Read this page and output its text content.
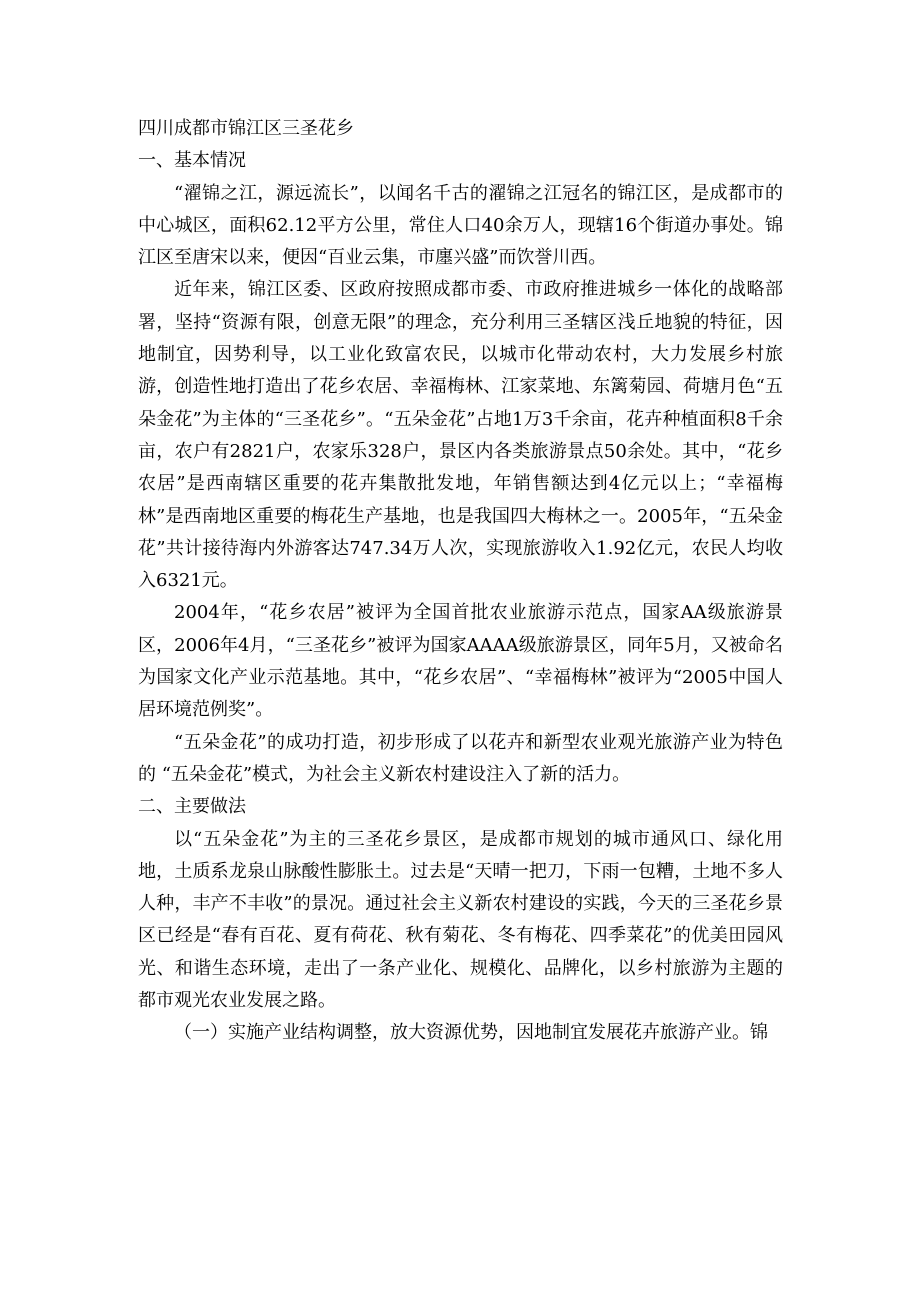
四川成都市锦江区三圣花乡
一、基本情况

“濯锦之江，源远流长”，以闻名千古的濯锦之江冠名的锦江区，是成都市的中心城区，面积62.12平方公里，常住人口40余万人，现辖16个街道办事处。锦江区至唐宋以来，便因“百业云集，市廛兴盛”而饮誉川西。

近年来，锦江区委、区政府按照成都市委、市政府推进城乡一体化的战略部署，坚持“资源有限，创意无限”的理念，充分利用三圣辖区浅丘地貌的特征，因地制宜，因势利导，以工业化致富农民，以城市化带动农村，大力发展乡村旅游，创造性地打造出了花乡农居、幸福梅林、江家菜地、东篱菊园、荷塘月色“五朵金花”为主体的“三圣花乡”。“五朵金花”占地1万3千余亩，花卉种植面积8千余亩，农户有2821户，农家乐328户，景区内各类旅游景点50余处。其中，“花乡农居”是西南辖区重要的花卉集散批发地，年销售额达到4亿元以上；“幸福梅林”是西南地区重要的梅花生产基地，也是我国四大梅林之一。2005年，“五朵金花”共计接待海内外游客达747.34万人次，实现旅游收入1.92亿元，农民人均收入6321元。

2004年，“花乡农居”被评为全国首批农业旅游示范点，国家AA级旅游景区，2006年4月，“三圣花乡”被评为国家AAAA级旅游景区，同年5月，又被命名为国家文化产业示范基地。其中，“花乡农居”、“幸福梅林”被评为“2005中国人居环境范例奖”。

“五朵金花”的成功打造，初步形成了以花卉和新型农业观光旅游产业为特色的 “五朵金花”模式，为社会主义新农村建设注入了新的活力。

二、主要做法

以“五朵金花”为主的三圣花乡景区，是成都市规划的城市通风口、绿化用地，土质系龙泉山脉酸性膨胀土。过去是“天晴一把刀，下雨一包糟，土地不多人人种，丰产不丰收”的景况。通过社会主义新农村建设的实践，今天的三圣花乡景区已经是“春有百花、夏有荷花、秋有菊花、冬有梅花、四季菜花”的优美田园风光、和谐生态环境，走出了一条产业化、规模化、品牌化，以乡村旅游为主题的都市观光农业发展之路。

（一）实施产业结构调整，放大资源优势，因地制宜发展花卉旅游产业。锦
